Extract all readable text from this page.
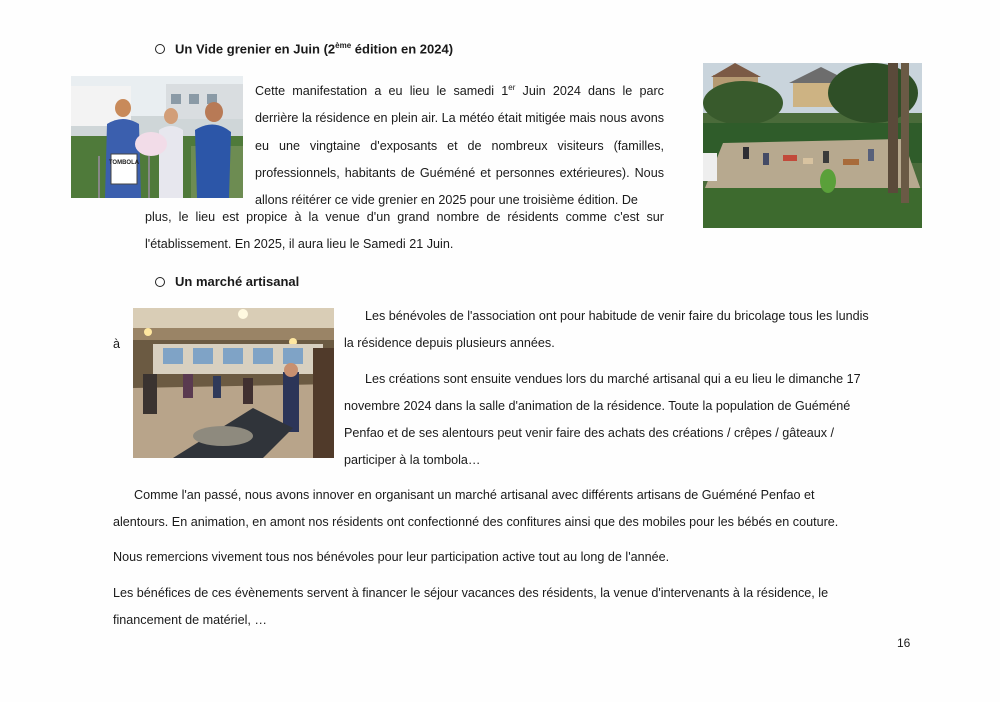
Un Vide grenier en Juin (2ème édition en 2024)
TOMBOLA

Cette manifestation a eu lieu le samedi 1er Juin 2024 dans le parc derrière la résidence en plein air. La météo était mitigée mais nous avons eu une vingtaine d'exposants et de nombreux visiteurs (familles, professionnels, habitants de Guéméné et personnes extérieures). Nous allons réitérer ce vide grenier en 2025 pour une troisième édition. De

plus, le lieu est propice à la venue d'un grand nombre de résidents comme c'est sur
l'établissement. En 2025, il aura lieu le Samedi 21 Juin.
Un marché artisanal
à
Les bénévoles de l'association ont pour habitude de venir faire du bricolage tous les lundis
la résidence depuis plusieurs années.
Les créations sont ensuite vendues lors du marché artisanal qui a eu lieu le dimanche 17
novembre 2024 dans la salle d'animation de la résidence. Toute la population de Guéméné
Penfao et de ses alentours peut venir faire des achats des créations / crêpes / gâteaux /
participer à la tombola…
Comme l'an passé, nous avons innover en organisant un marché artisanal avec différents artisans de Guéméné Penfao et
alentours. En animation, en amont nos résidents ont confectionné des confitures ainsi que des mobiles pour les bébés en couture.
Nous remercions vivement tous nos bénévoles pour leur participation active tout au long de l'année.
Les bénéfices de ces évènements servent à financer le séjour vacances des résidents, la venue d'intervenants à la résidence, le
financement de matériel, …
16
